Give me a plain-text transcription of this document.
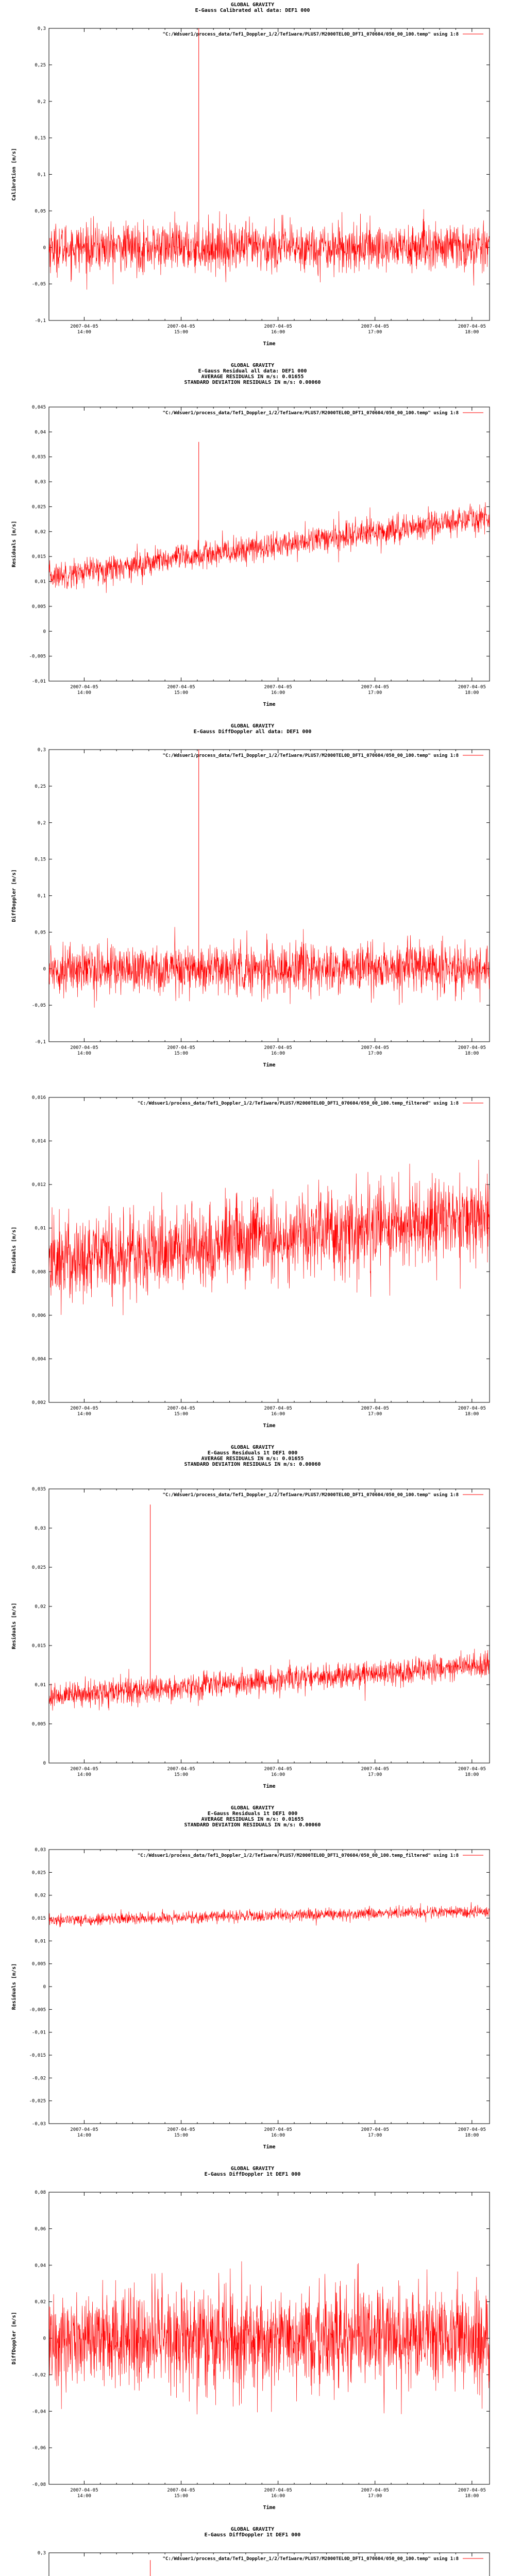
GLOBAL GRAVITY
E-Gauss Calibrated all data: DEF1 000
-0,1
-0,05
0
0,05
0,1
0,15
0,2
0,25
0,3
2007-04-05
14:00
2007-04-05
15:00
2007-04-05
16:00
2007-04-05
17:00
2007-04-05
18:00
Time
Calibration [m/s]
"C:/Wdsuer1/process_data/Tef1_Doppler_1/2/Tef1ware/PLUS7/M2000TEL0D_DFT1_070604/050_00_100.temp" using 1:8
GLOBAL GRAVITY
E-Gauss Residual all data: DEF1 000
AVERAGE RESIDUALS IN m/s: 0.01655
STANDARD DEVIATION RESIDUALS IN m/s: 0.00060
-0,01
-0,005
0
0,005
0,01
0,015
0,02
0,025
0,03
0,035
0,04
0,045
2007-04-05
14:00
2007-04-05
15:00
2007-04-05
16:00
2007-04-05
17:00
2007-04-05
18:00
Time
Residuals [m/s]
"C:/Wdsuer1/process_data/Tef1_Doppler_1/2/Tef1ware/PLUS7/M2000TEL0D_DFT1_070604/050_00_100.temp" using 1:8
GLOBAL GRAVITY
E-Gauss DiffDoppler all data: DEF1 000
-0,1
-0,05
0
0,05
0,1
0,15
0,2
0,25
0,3
2007-04-05
14:00
2007-04-05
15:00
2007-04-05
16:00
2007-04-05
17:00
2007-04-05
18:00
Time
DiffDoppler [m/s]
"C:/Wdsuer1/process_data/Tef1_Doppler_1/2/Tef1ware/PLUS7/M2000TEL0D_DFT1_070604/050_00_100.temp" using 1:8
0,002
0,004
0,006
0,008
0,01
0,012
0,014
0,016
2007-04-05
14:00
2007-04-05
15:00
2007-04-05
16:00
2007-04-05
17:00
2007-04-05
18:00
Time
Residuals [m/s]
"C:/Wdsuer1/process_data/Tef1_Doppler_1/2/Tef1ware/PLUS7/M2000TEL0D_DFT1_070604/050_00_100.temp_filtered" using 1:8
GLOBAL GRAVITY
E-Gauss Residuals 1t DEF1 000
AVERAGE RESIDUALS IN m/s: 0.01655
STANDARD DEVIATION RESIDUALS IN m/s: 0.00060
0
0,005
0,01
0,015
0,02
0,025
0,03
0,035
2007-04-05
14:00
2007-04-05
15:00
2007-04-05
16:00
2007-04-05
17:00
2007-04-05
18:00
Time
Residuals [m/s]
"C:/Wdsuer1/process_data/Tef1_Doppler_1/2/Tef1ware/PLUS7/M2000TEL0D_DFT1_070604/050_00_100.temp" using 1:8
GLOBAL GRAVITY
E-Gauss Residuals 1t DEF1 000
AVERAGE RESIDUALS IN m/s: 0.01655
STANDARD DEVIATION RESIDUALS IN m/s: 0.00060
-0,03
-0,025
-0,02
-0,015
-0,01
-0,005
0
0,005
0,01
0,015
0,02
0,025
0,03
2007-04-05
14:00
2007-04-05
15:00
2007-04-05
16:00
2007-04-05
17:00
2007-04-05
18:00
Time
Residuals [m/s]
"C:/Wdsuer1/process_data/Tef1_Doppler_1/2/Tef1ware/PLUS7/M2000TEL0D_DFT1_070604/050_00_100.temp_filtered" using 1:8
GLOBAL GRAVITY
E-Gauss DiffDoppler 1t DEF1 000
-0,08
-0,06
-0,04
-0,02
0
0,02
0,04
0,06
0,08
2007-04-05
14:00
2007-04-05
15:00
2007-04-05
16:00
2007-04-05
17:00
2007-04-05
18:00
Time
DiffDoppler [m/s]
GLOBAL GRAVITY
E-Gauss DiffDoppler 1t DEF1 000
0,3
"C:/Wdsuer1/process_data/Tef1_Doppler_1/2/Tef1ware/PLUS7/M2000TEL0D_DFT1_070604/050_00_100.temp" using 1:8
